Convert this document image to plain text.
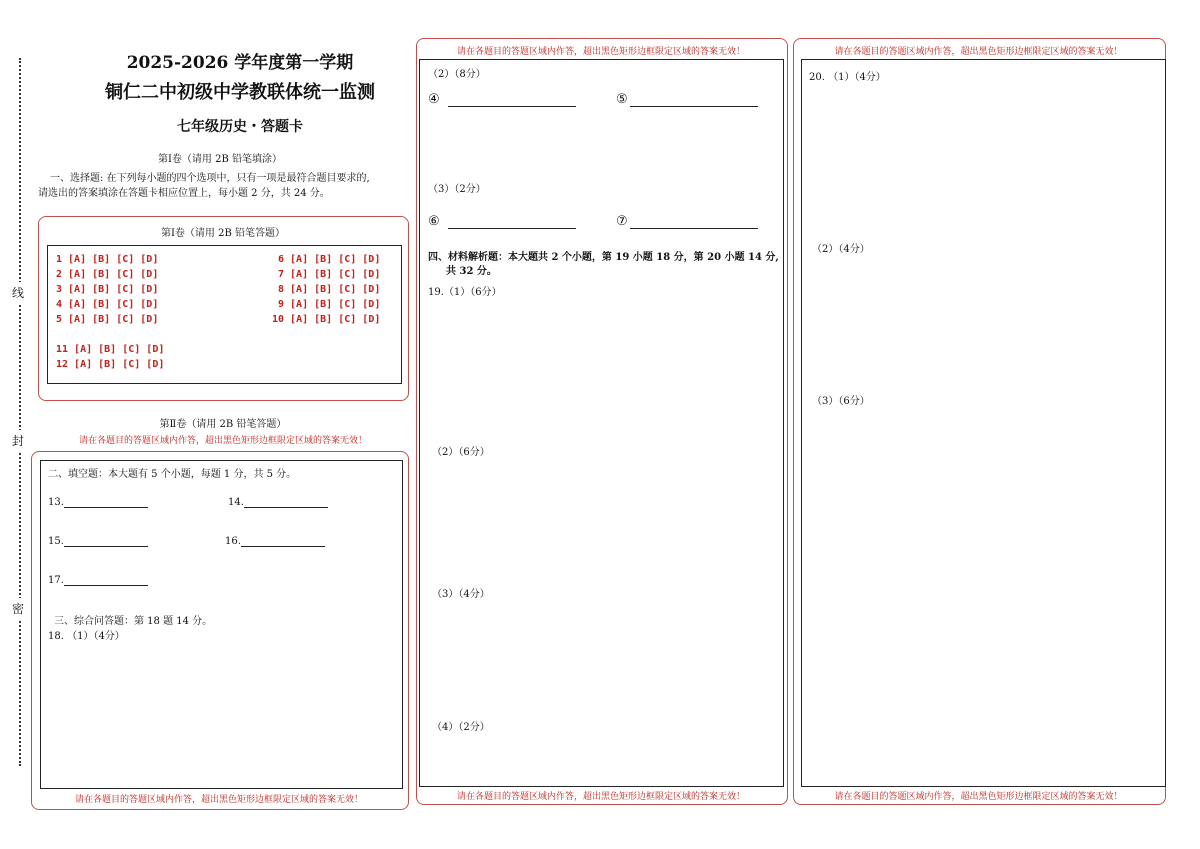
线
封
密
2025-2026 学年度第一学期
铜仁二中初级中学教联体统一监测
七年级历史・答题卡
第Ⅰ卷（请用 2B 铅笔填涂）
一、选择题: 在下列每小题的四个选项中，只有一项是最符合题目要求的,
请选出的答案填涂在答题卡相应位置上，每小题 2 分，共 24 分。
第Ⅰ卷（请用 2B 铅笔答题）
1 [A] [B] [C] [D]
2 [A] [B] [C] [D]
3 [A] [B] [C] [D]
4 [A] [B] [C] [D]
5 [A] [B] [C] [D]
6 [A] [B] [C] [D]
7 [A] [B] [C] [D]
8 [A] [B] [C] [D]
9 [A] [B] [C] [D]
10 [A] [B] [C] [D]
11 [A] [B] [C] [D]
12 [A] [B] [C] [D]
第Ⅱ卷（请用 2B 铅笔答题）
请在各题目的答题区域内作答，超出黑色矩形边框限定区域的答案无效！
二、填空题：本大题有 5 个小题，每题 1 分，共 5 分。
13.	14.
15.	16.
17.
三、综合问答题：第 18 题 14 分。
18. （1）（4分）
请在各题目的答题区域内作答，超出黑色矩形边框限定区域的答案无效！
请在各题目的答题区域内作答，超出黑色矩形边框限定区域的答案无效！
（2）（8分）
④	⑤
（3）（2分）
⑥	⑦
四、材料解析题：本大题共 2 个小题，第 19 小题 18 分，第 20 小题 14 分,
共 32 分。
19.（1）（6分）
（2）（6分）
（3）（4分）
（4）（2分）
请在各题目的答题区域内作答，超出黑色矩形边框限定区域的答案无效！
请在各题目的答题区域内作答，超出黑色矩形边框限定区域的答案无效！
20. （1）（4分）
（2）（4分）
（3）（6分）
请在各题目的答题区域内作答，超出黑色矩形边框限定区域的答案无效！
